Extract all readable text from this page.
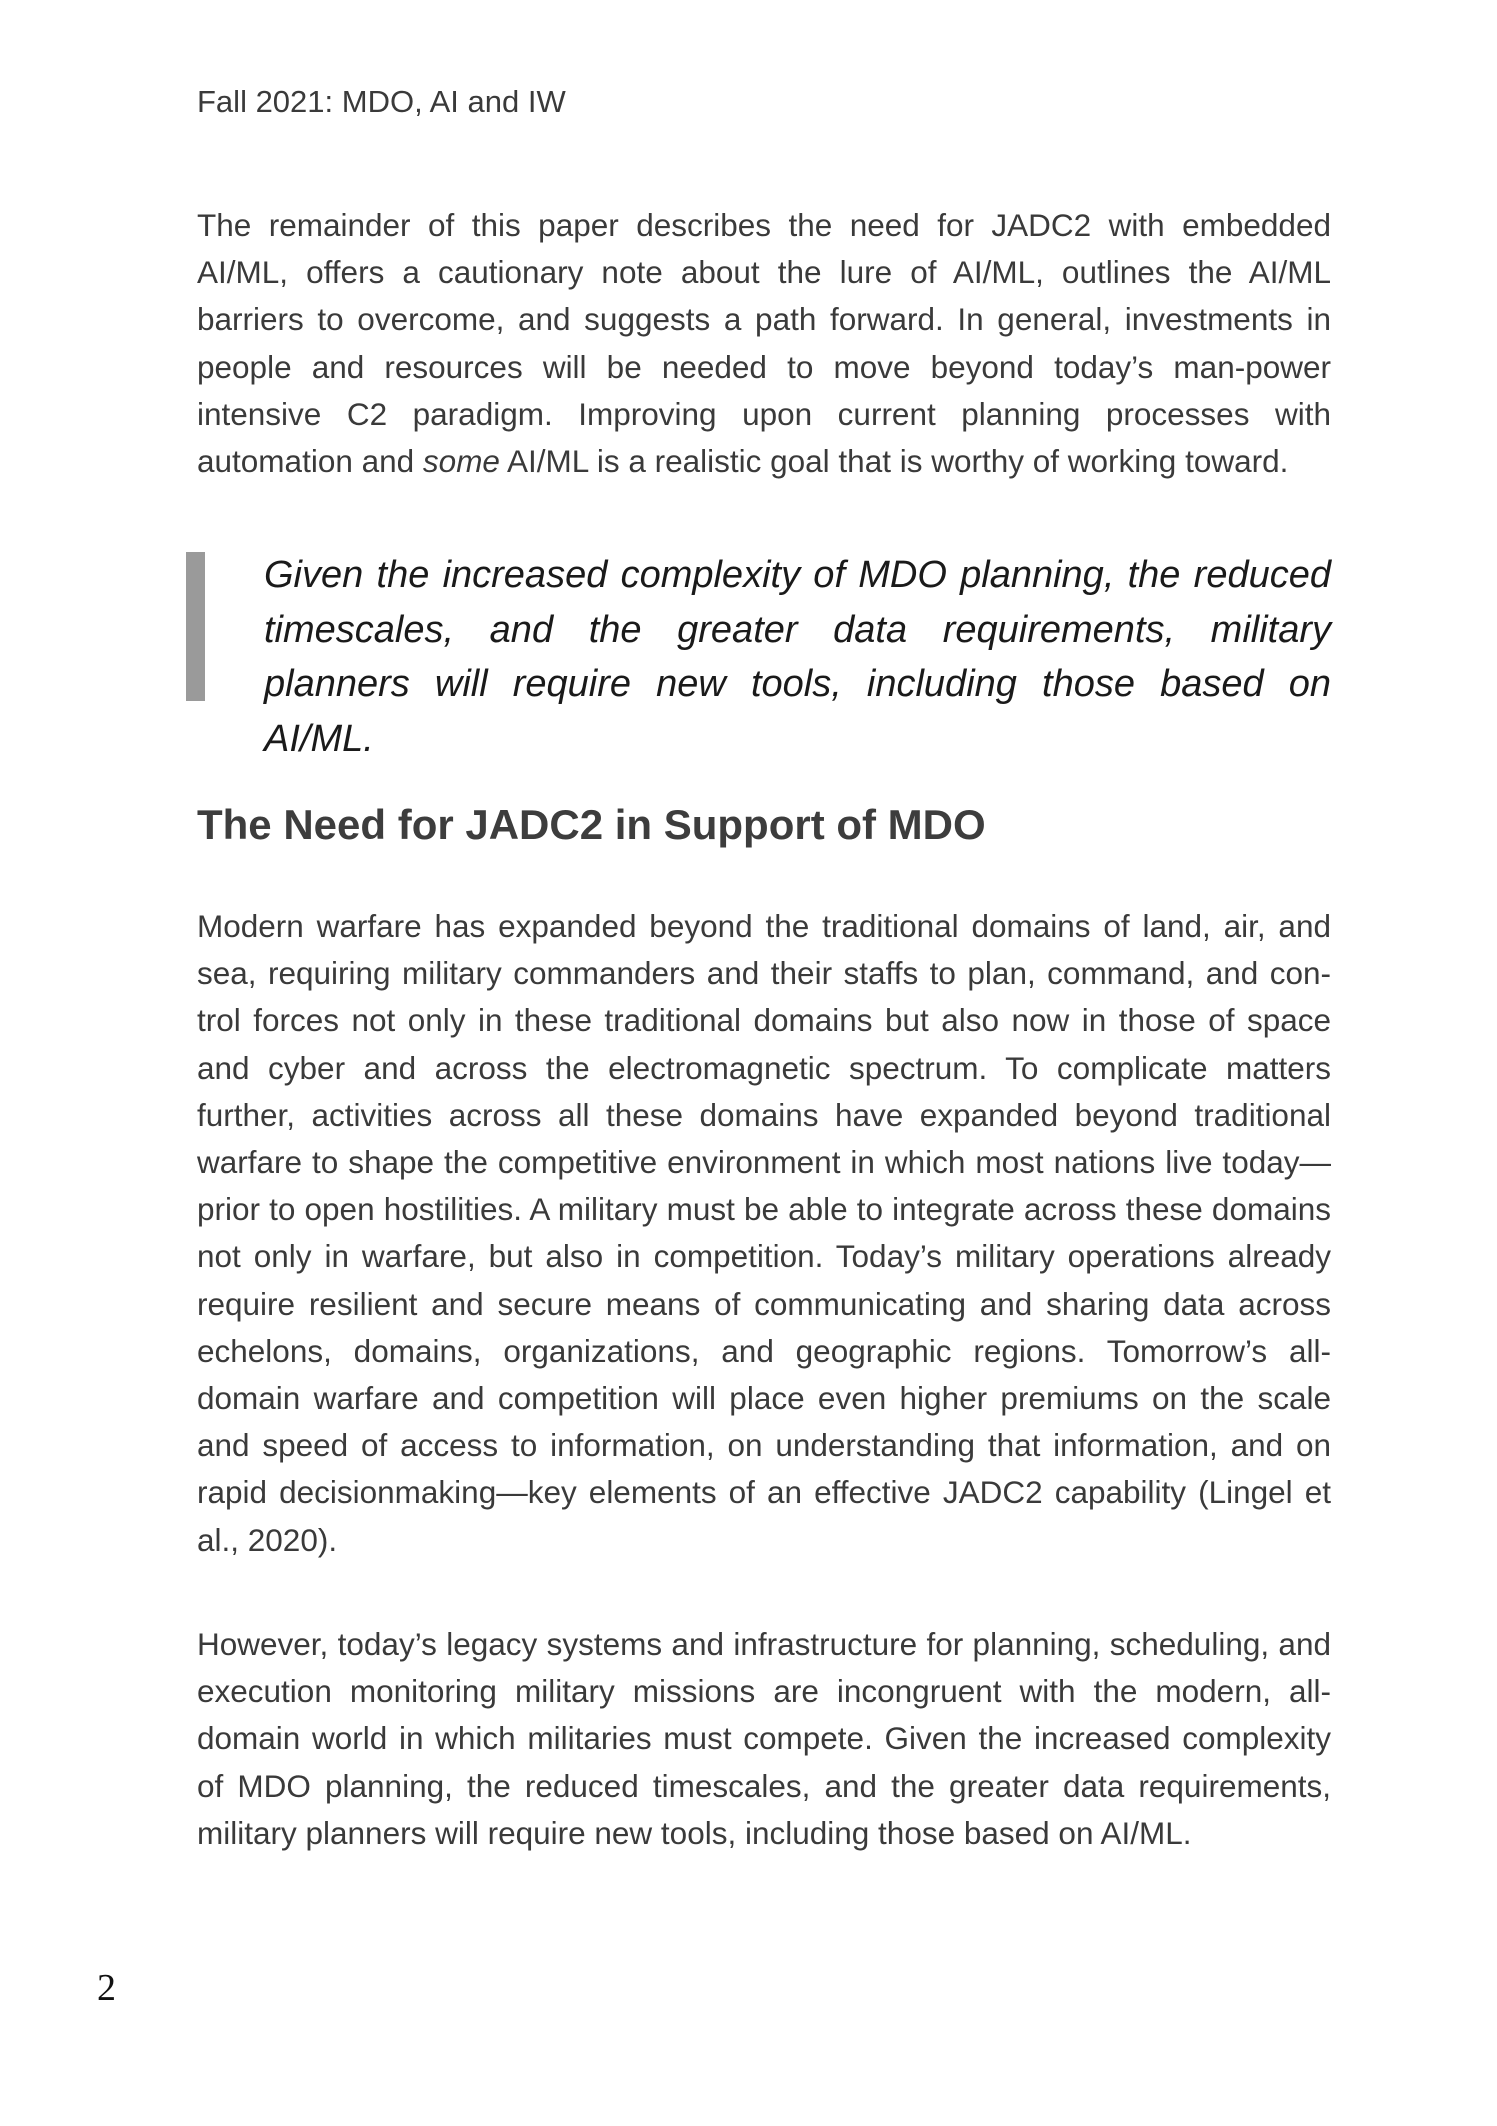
Fall 2021: MDO, AI and IW

The remainder of this paper describes the need for JADC2 with embedded AI/ML, offers a cautionary note about the lure of AI/ML, outlines the AI/ML barriers to overcome, and suggests a path forward. In general, investments in people and resources will be needed to move beyond today’s man-power intensive C2 paradigm. Improving upon current planning processes with automation and some AI/ML is a realistic goal that is worthy of working toward.

Given the increased complexity of MDO planning, the reduced timescales, and the greater data requirements, military planners will require new tools, including those based on AI/ML.

The Need for JADC2 in Support of MDO

Modern warfare has expanded beyond the traditional domains of land, air, and sea, requiring military commanders and their staffs to plan, command, and control forces not only in these traditional domains but also now in those of space and cyber and across the electromagnetic spectrum. To complicate matters further, activities across all these domains have expanded beyond traditional warfare to shape the competitive environment in which most nations live today—prior to open hostilities. A military must be able to integrate across these domains not only in warfare, but also in competition. Today’s military operations already require resilient and secure means of communicating and sharing data across echelons, domains, organizations, and geographic regions. Tomorrow’s all-domain warfare and competition will place even higher premiums on the scale and speed of access to information, on understanding that information, and on rapid decisionmaking—key elements of an effective JADC2 capability (Lingel et al., 2020).

However, today’s legacy systems and infrastructure for planning, scheduling, and execution monitoring military missions are incongruent with the modern, all-domain world in which militaries must compete. Given the increased complexity of MDO planning, the reduced timescales, and the greater data requirements, military planners will require new tools, including those based on AI/ML.

2
